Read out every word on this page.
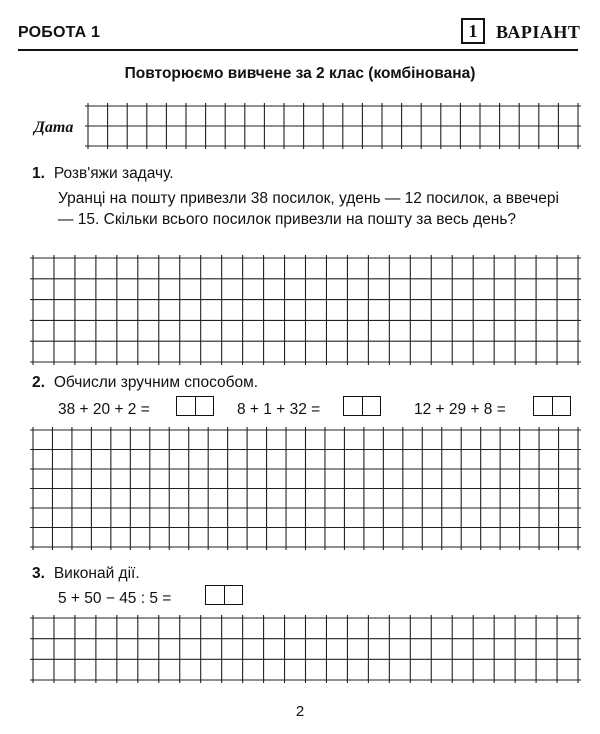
РОБОТА 1	1	ВАРІАНТ
Повторюємо вивчене за 2 клас (комбінована)
Дата
1. Розв'яжи задачу.
Уранці на пошту привезли 38 посилок, удень — 12 посилок, а ввечері — 15. Скільки всього посилок привезли на пошту за весь день?
2. Обчисли зручним способом.
38 + 20 + 2 =	8 + 1 + 32 =	12 + 29 + 8 =
3. Виконай дії.
5 + 50 − 45 : 5 =
2
